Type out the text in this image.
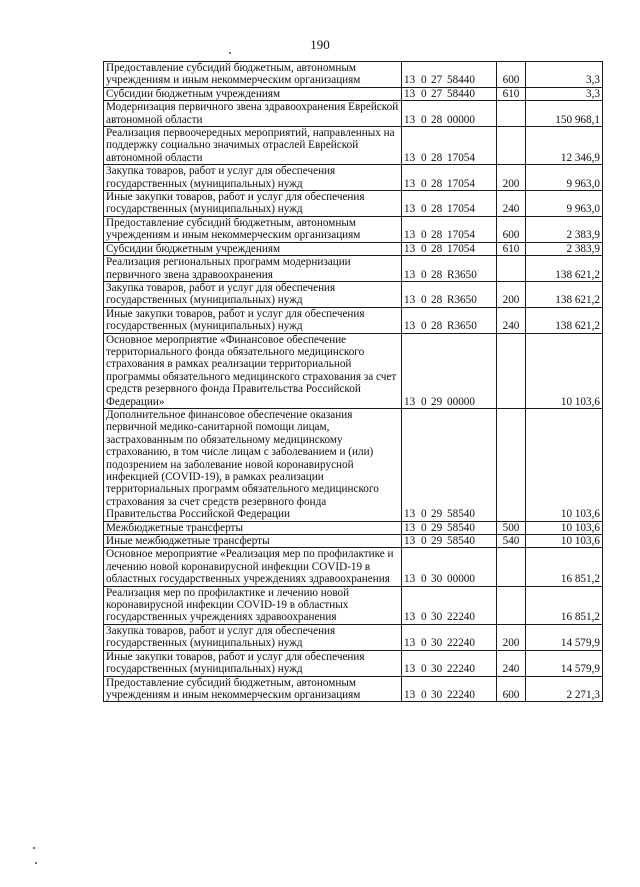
190
Предоставление субсидий бюджетным, автономным учреждениям и иным некоммерческим организациям	13 0 27 58440	600	3,3
Субсидии бюджетным учреждениям	13 0 27 58440	610	3,3
Модернизация первичного звена здравоохранения Еврейской автономной области	13 0 28 00000		150 968,1
Реализация первоочередных мероприятий, направленных на поддержку социально значимых отраслей Еврейской автономной области	13 0 28 17054		12 346,9
Закупка товаров, работ и услуг для обеспечения государственных (муниципальных) нужд	13 0 28 17054	200	9 963,0
Иные закупки товаров, работ и услуг для обеспечения государственных (муниципальных) нужд	13 0 28 17054	240	9 963,0
Предоставление субсидий бюджетным, автономным учреждениям и иным некоммерческим организациям	13 0 28 17054	600	2 383,9
Субсидии бюджетным учреждениям	13 0 28 17054	610	2 383,9
Реализация региональных программ модернизации первичного звена здравоохранения	13 0 28 R3650		138 621,2
Закупка товаров, работ и услуг для обеспечения государственных (муниципальных) нужд	13 0 28 R3650	200	138 621,2
Иные закупки товаров, работ и услуг для обеспечения государственных (муниципальных) нужд	13 0 28 R3650	240	138 621,2
Основное мероприятие «Финансовое обеспечение территориального фонда обязательного медицинского страхования в рамках реализации территориальной программы обязательного медицинского страхования за счет средств резервного фонда Правительства Российской Федерации»	13 0 29 00000		10 103,6
Дополнительное финансовое обеспечение оказания первичной медико-санитарной помощи лицам, застрахованным по обязательному медицинскому страхованию, в том числе лицам с заболеванием и (или) подозрением на заболевание новой коронавирусной инфекцией (COVID-19), в рамках реализации территориальных программ обязательного медицинского страхования за счет средств резервного фонда Правительства Российской Федерации	13 0 29 58540		10 103,6
Межбюджетные трансферты	13 0 29 58540	500	10 103,6
Иные межбюджетные трансферты	13 0 29 58540	540	10 103,6
Основное мероприятие «Реализация мер по профилактике и лечению новой коронавирусной инфекции COVID-19 в областных государственных учреждениях здравоохранения	13 0 30 00000		16 851,2
Реализация мер по профилактике и лечению новой коронавирусной инфекции COVID-19 в областных государственных учреждениях здравоохранения	13 0 30 22240		16 851,2
Закупка товаров, работ и услуг для обеспечения государственных (муниципальных) нужд	13 0 30 22240	200	14 579,9
Иные закупки товаров, работ и услуг для обеспечения государственных (муниципальных) нужд	13 0 30 22240	240	14 579,9
Предоставление субсидий бюджетным, автономным учреждениям и иным некоммерческим организациям	13 0 30 22240	600	2 271,3
